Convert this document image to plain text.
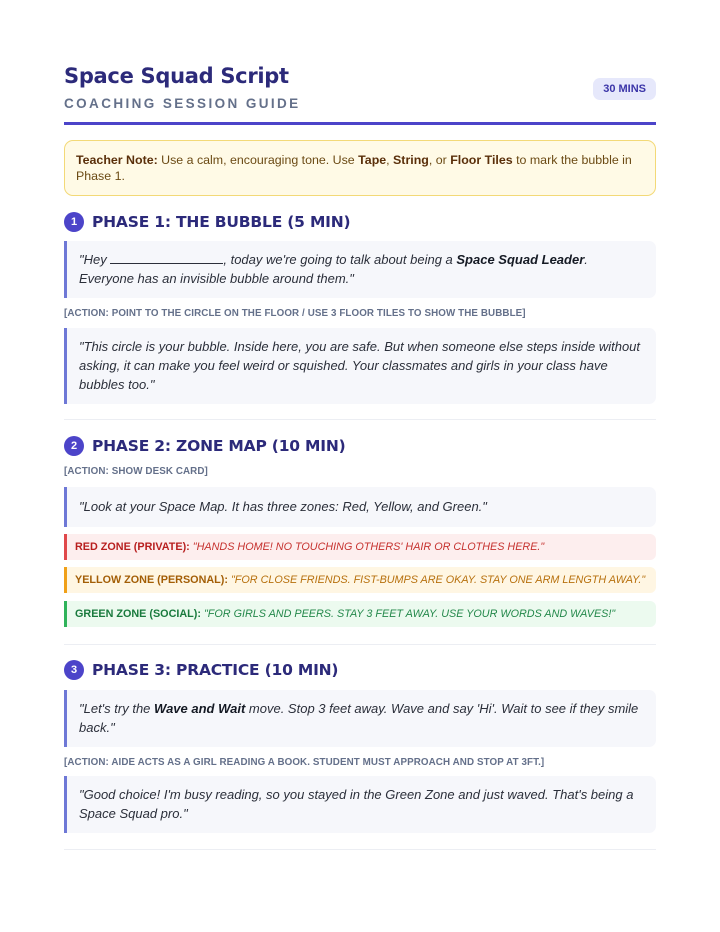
Space Squad Script
COACHING SESSION GUIDE
30 MINS
Teacher Note: Use a calm, encouraging tone. Use Tape, String, or Floor Tiles to mark the bubble in Phase 1.
1 PHASE 1: THE BUBBLE (5 MIN)
"Hey	, today we're going to talk about being a Space Squad Leader. Everyone has an invisible bubble around them."
[ACTION: POINT TO THE CIRCLE ON THE FLOOR / USE 3 FLOOR TILES TO SHOW THE BUBBLE]
"This circle is your bubble. Inside here, you are safe. But when someone else steps inside without asking, it can make you feel weird or squished. Your classmates and girls in your class have bubbles too."
2 PHASE 2: ZONE MAP (10 MIN)
[ACTION: SHOW DESK CARD]
"Look at your Space Map. It has three zones: Red, Yellow, and Green."
RED ZONE (PRIVATE): "HANDS HOME! NO TOUCHING OTHERS' HAIR OR CLOTHES HERE."
YELLOW ZONE (PERSONAL): "FOR CLOSE FRIENDS. FIST-BUMPS ARE OKAY. STAY ONE ARM LENGTH AWAY."
GREEN ZONE (SOCIAL): "FOR GIRLS AND PEERS. STAY 3 FEET AWAY. USE YOUR WORDS AND WAVES!"
3 PHASE 3: PRACTICE (10 MIN)
"Let's try the Wave and Wait move. Stop 3 feet away. Wave and say 'Hi'. Wait to see if they smile back."
[ACTION: AIDE ACTS AS A GIRL READING A BOOK. STUDENT MUST APPROACH AND STOP AT 3FT.]
"Good choice! I'm busy reading, so you stayed in the Green Zone and just waved. That's being a Space Squad pro."
